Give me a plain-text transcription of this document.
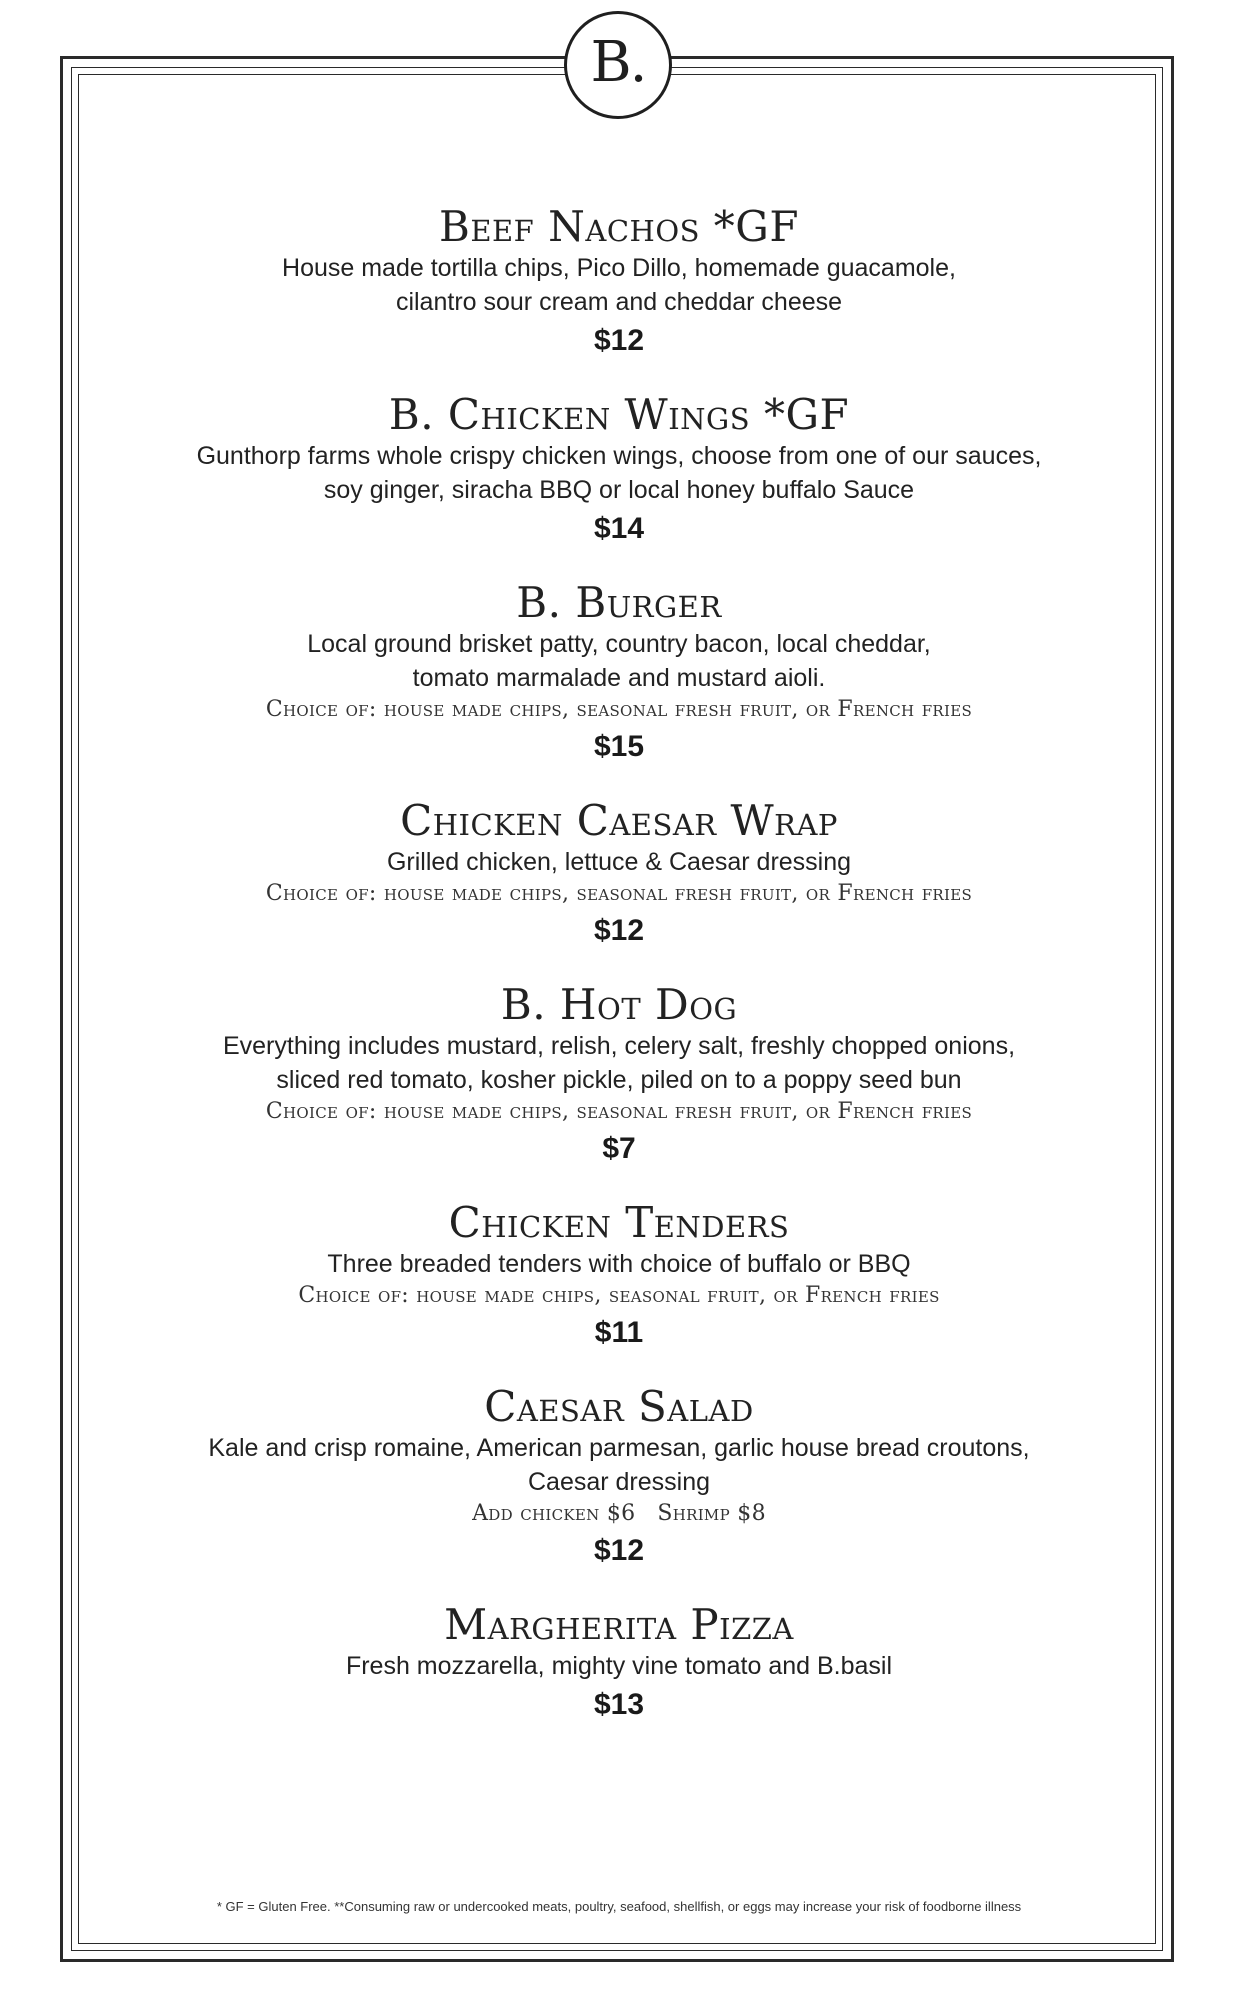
B.
Beef Nachos *GF

House made tortilla chips, Pico Dillo, homemade guacamole,

cilantro sour cream and cheddar cheese

$12

B. Chicken Wings *GF

Gunthorp farms whole crispy chicken wings, choose from one of our sauces,

soy ginger, siracha BBQ or local honey buffalo Sauce

$14

B. Burger

Local ground brisket patty, country bacon, local cheddar,

tomato marmalade and mustard aioli.

Choice of: house made chips, seasonal fresh fruit, or French fries

$15

Chicken Caesar Wrap

Grilled chicken, lettuce & Caesar dressing

Choice of: house made chips, seasonal fresh fruit, or French fries

$12

B. Hot Dog

Everything includes mustard, relish, celery salt, freshly chopped onions,

sliced red tomato, kosher pickle, piled on to a poppy seed bun

Choice of: house made chips, seasonal fresh fruit, or French fries

$7

Chicken Tenders

Three breaded tenders with choice of buffalo or BBQ

Choice of: house made chips, seasonal fruit, or French fries

$11

Caesar Salad

Kale and crisp romaine, American parmesan, garlic house bread croutons,

Caesar dressing

Add chicken $6   Shrimp $8

$12

Margherita Pizza

Fresh mozzarella, mighty vine tomato and B.basil

$13

* GF = Gluten Free. **Consuming raw or undercooked meats, poultry, seafood, shellfish, or eggs may increase your risk of foodborne illness
